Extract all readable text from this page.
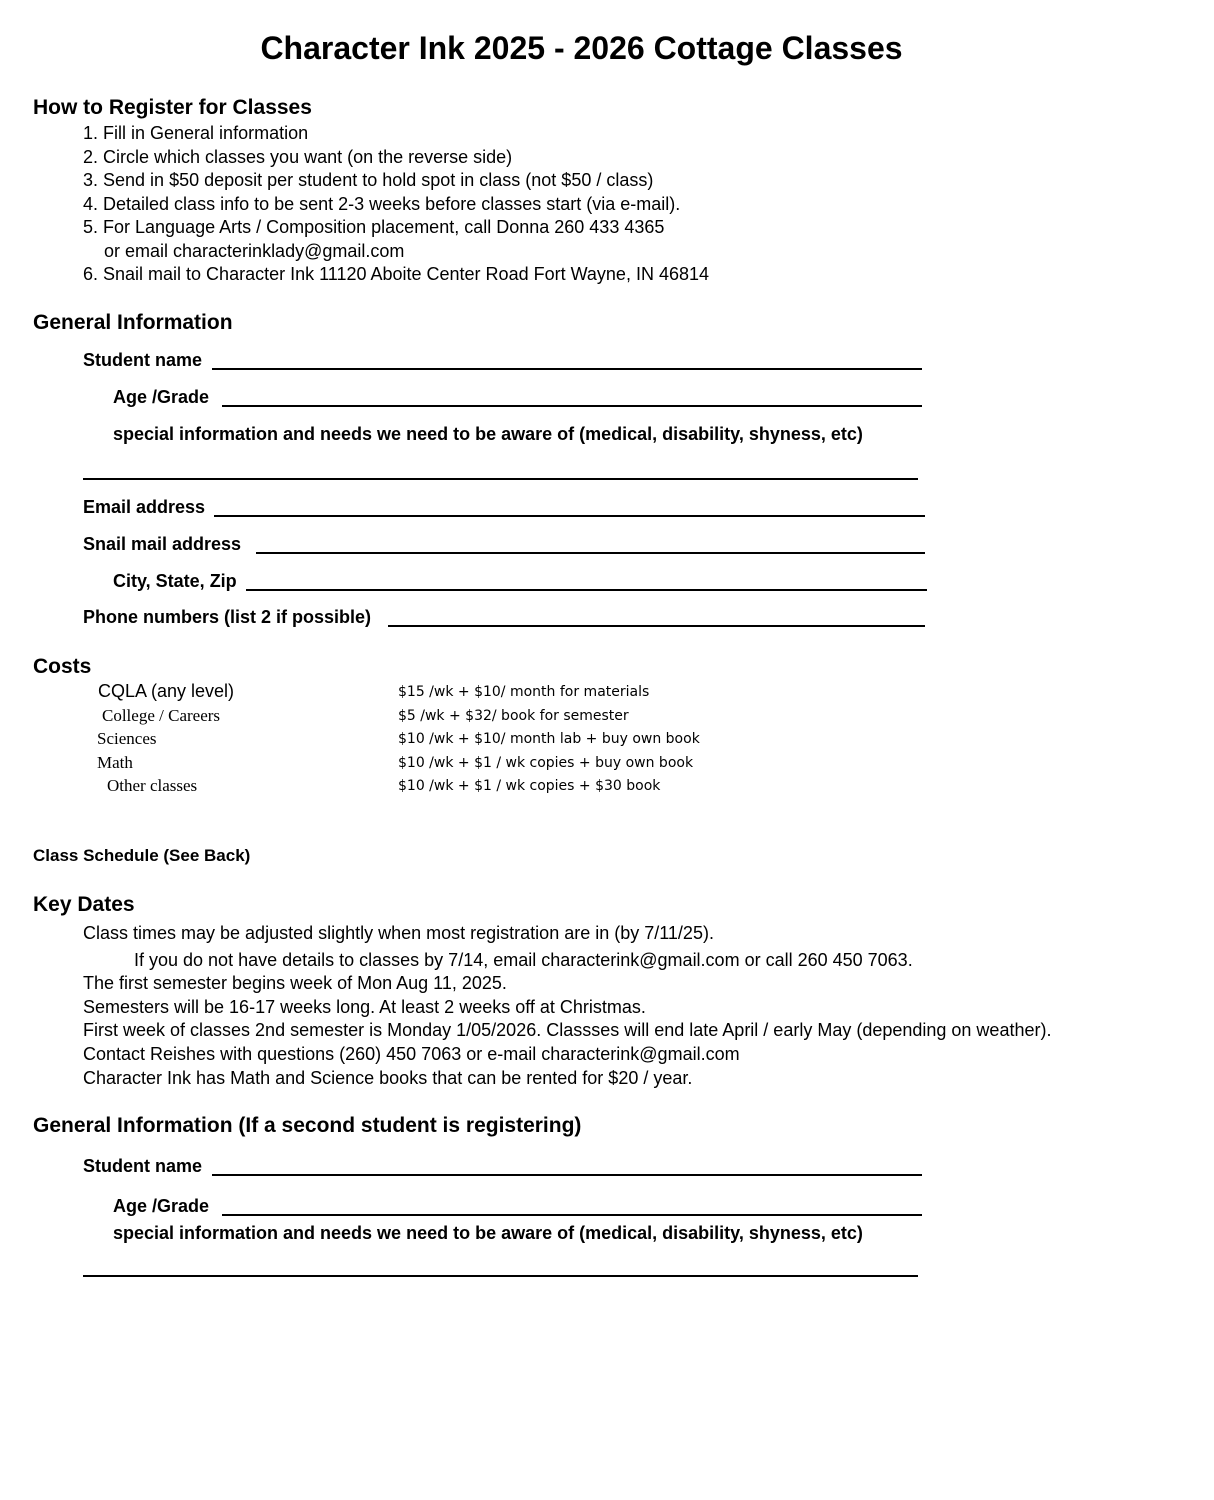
Character Ink 2025 - 2026 Cottage Classes
How to Register for Classes
1. Fill in General information
2. Circle which classes you want (on the reverse side)
3. Send in $50 deposit per student to hold spot in class (not $50 / class)
4. Detailed class info to be sent 2-3 weeks before classes start (via e-mail).
5. For Language Arts / Composition placement, call Donna 260 433 4365
or email characterinklady@gmail.com
6. Snail mail to Character Ink 11120 Aboite Center Road Fort Wayne, IN 46814
General Information
Student name
Age /Grade
special information and needs we need to be aware of (medical, disability, shyness, etc)
Email address
Snail mail address
City, State, Zip
Phone numbers (list 2 if possible)
Costs
CQLA (any level)	$15 /wk + $10/ month for materials
College / Careers	$5 /wk + $32/ book for semester
Sciences	$10 /wk + $10/ month lab + buy own book
Math	$10 /wk + $1 / wk copies + buy own book
Other classes	$10 /wk + $1 / wk copies + $30 book
Class Schedule (See Back)
Key Dates
Class times may be adjusted slightly when most registration are in (by 7/11/25).
If you do not have details to classes by 7/14, email characterink@gmail.com or call 260 450 7063.
The first semester begins week of Mon Aug 11, 2025.
Semesters will be 16-17 weeks long. At least 2 weeks off at Christmas.
First week of classes 2nd semester is Monday 1/05/2026. Classses will end late April / early May (depending on weather).
Contact Reishes with questions (260) 450 7063 or e-mail characterink@gmail.com
Character Ink has Math and Science books that can be rented for $20 / year.
General Information (If a second student is registering)
Student name
Age /Grade
special information and needs we need to be aware of (medical, disability, shyness, etc)
